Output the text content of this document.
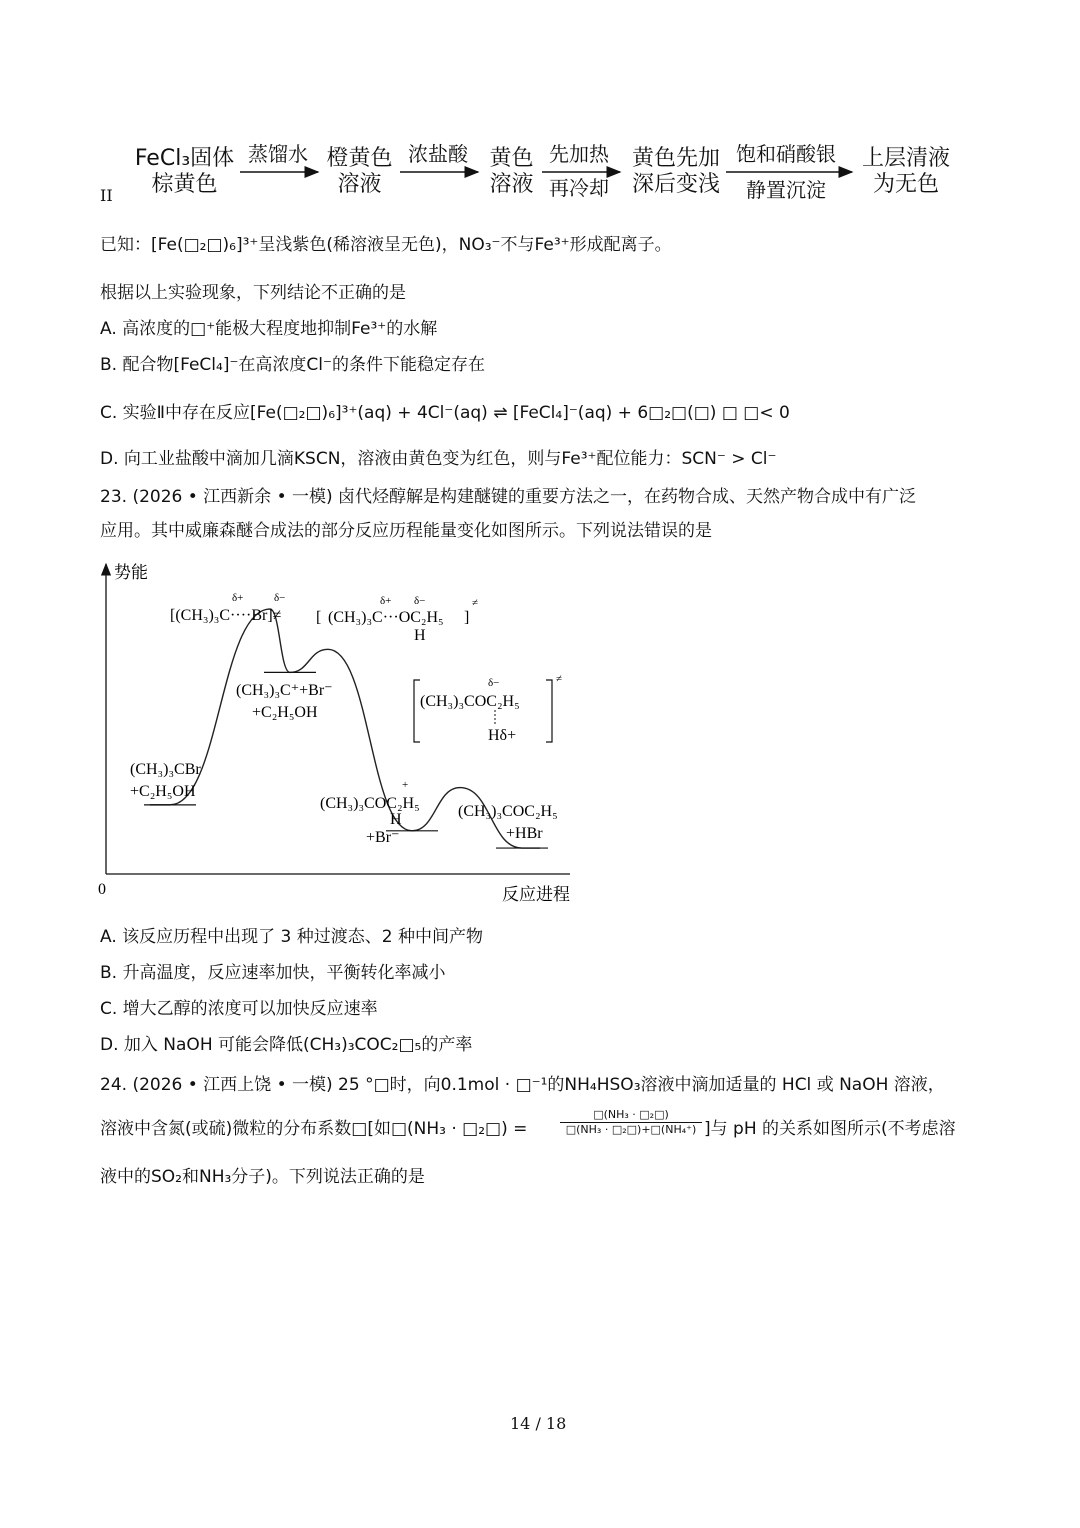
FeCl₃固体
棕黄色
蒸馏水 橙黄色
溶液
浓盐酸 黄色
溶液
先加热
再冷却
黄色先加
深后变浅
饱和硝酸银
静置沉淀
上层清液
为无色
II
已知：[Fe(□₂□)₆]³⁺呈浅紫色(稀溶液呈无色)，NO₃⁻不与Fe³⁺形成配离子。
根据以上实验现象，下列结论不正确的是
A. 高浓度的□⁺能极大程度地抑制Fe³⁺的水解
B. 配合物[FeCl₄]⁻在高浓度Cl⁻的条件下能稳定存在
C. 实验Ⅱ中存在反应[Fe(□₂□)₆]³⁺(aq) + 4Cl⁻(aq) ⇌ [FeCl₄]⁻(aq) + 6□₂□(□) □ □< 0
D. 向工业盐酸中滴加几滴KSCN，溶液由黄色变为红色，则与Fe³⁺配位能力：SCN⁻ > Cl⁻
23. (2026 • 江西新余 • 一模) 卤代烃醇解是构建醚键的重要方法之一，在药物合成、天然产物合成中有广泛
应用。其中威廉森醚合成法的部分反应历程能量变化如图所示。下列说法错误的是
势能
反应进程
0
δ+	δ−
[(CH₃)₃C····Br]≠ [
δ+ δ−
(CH₃)₃C···OC₂H₅
H
]
≠
(CH₃)₃C⁺+Br⁻
+C₂H₅OH
δ−
(CH₃)₃COC₂H₅
Hδ+
≠
(CH₃)₃CBr
+C₂H₅OH	+
(CH₃)₃COC₂H₅
H
+Br⁻
(CH₃)₃COC₂H₅
+HBr
A. 该反应历程中出现了 3 种过渡态、2 种中间产物
B. 升高温度，反应速率加快，平衡转化率减小
C. 增大乙醇的浓度可以加快反应速率
D. 加入 NaOH 可能会降低(CH₃)₃COC₂□₅的产率
24. (2026 • 江西上饶 • 一模) 25 °□时，向0.1mol · □⁻¹的NH₄HSO₃溶液中滴加适量的 HCl 或 NaOH 溶液，
溶液中含氮(或硫)微粒的分布系数□[如□(NH₃ · □₂□) =	$\frac{\text{□(NH₃ · □₂□)}}{\text{□(NH₃ · □₂□)+□(NH₄⁺)}}$ ]与 pH 的关系如图所示(不考虑溶
液中的SO₂和NH₃分子)。下列说法正确的是
14 / 18
